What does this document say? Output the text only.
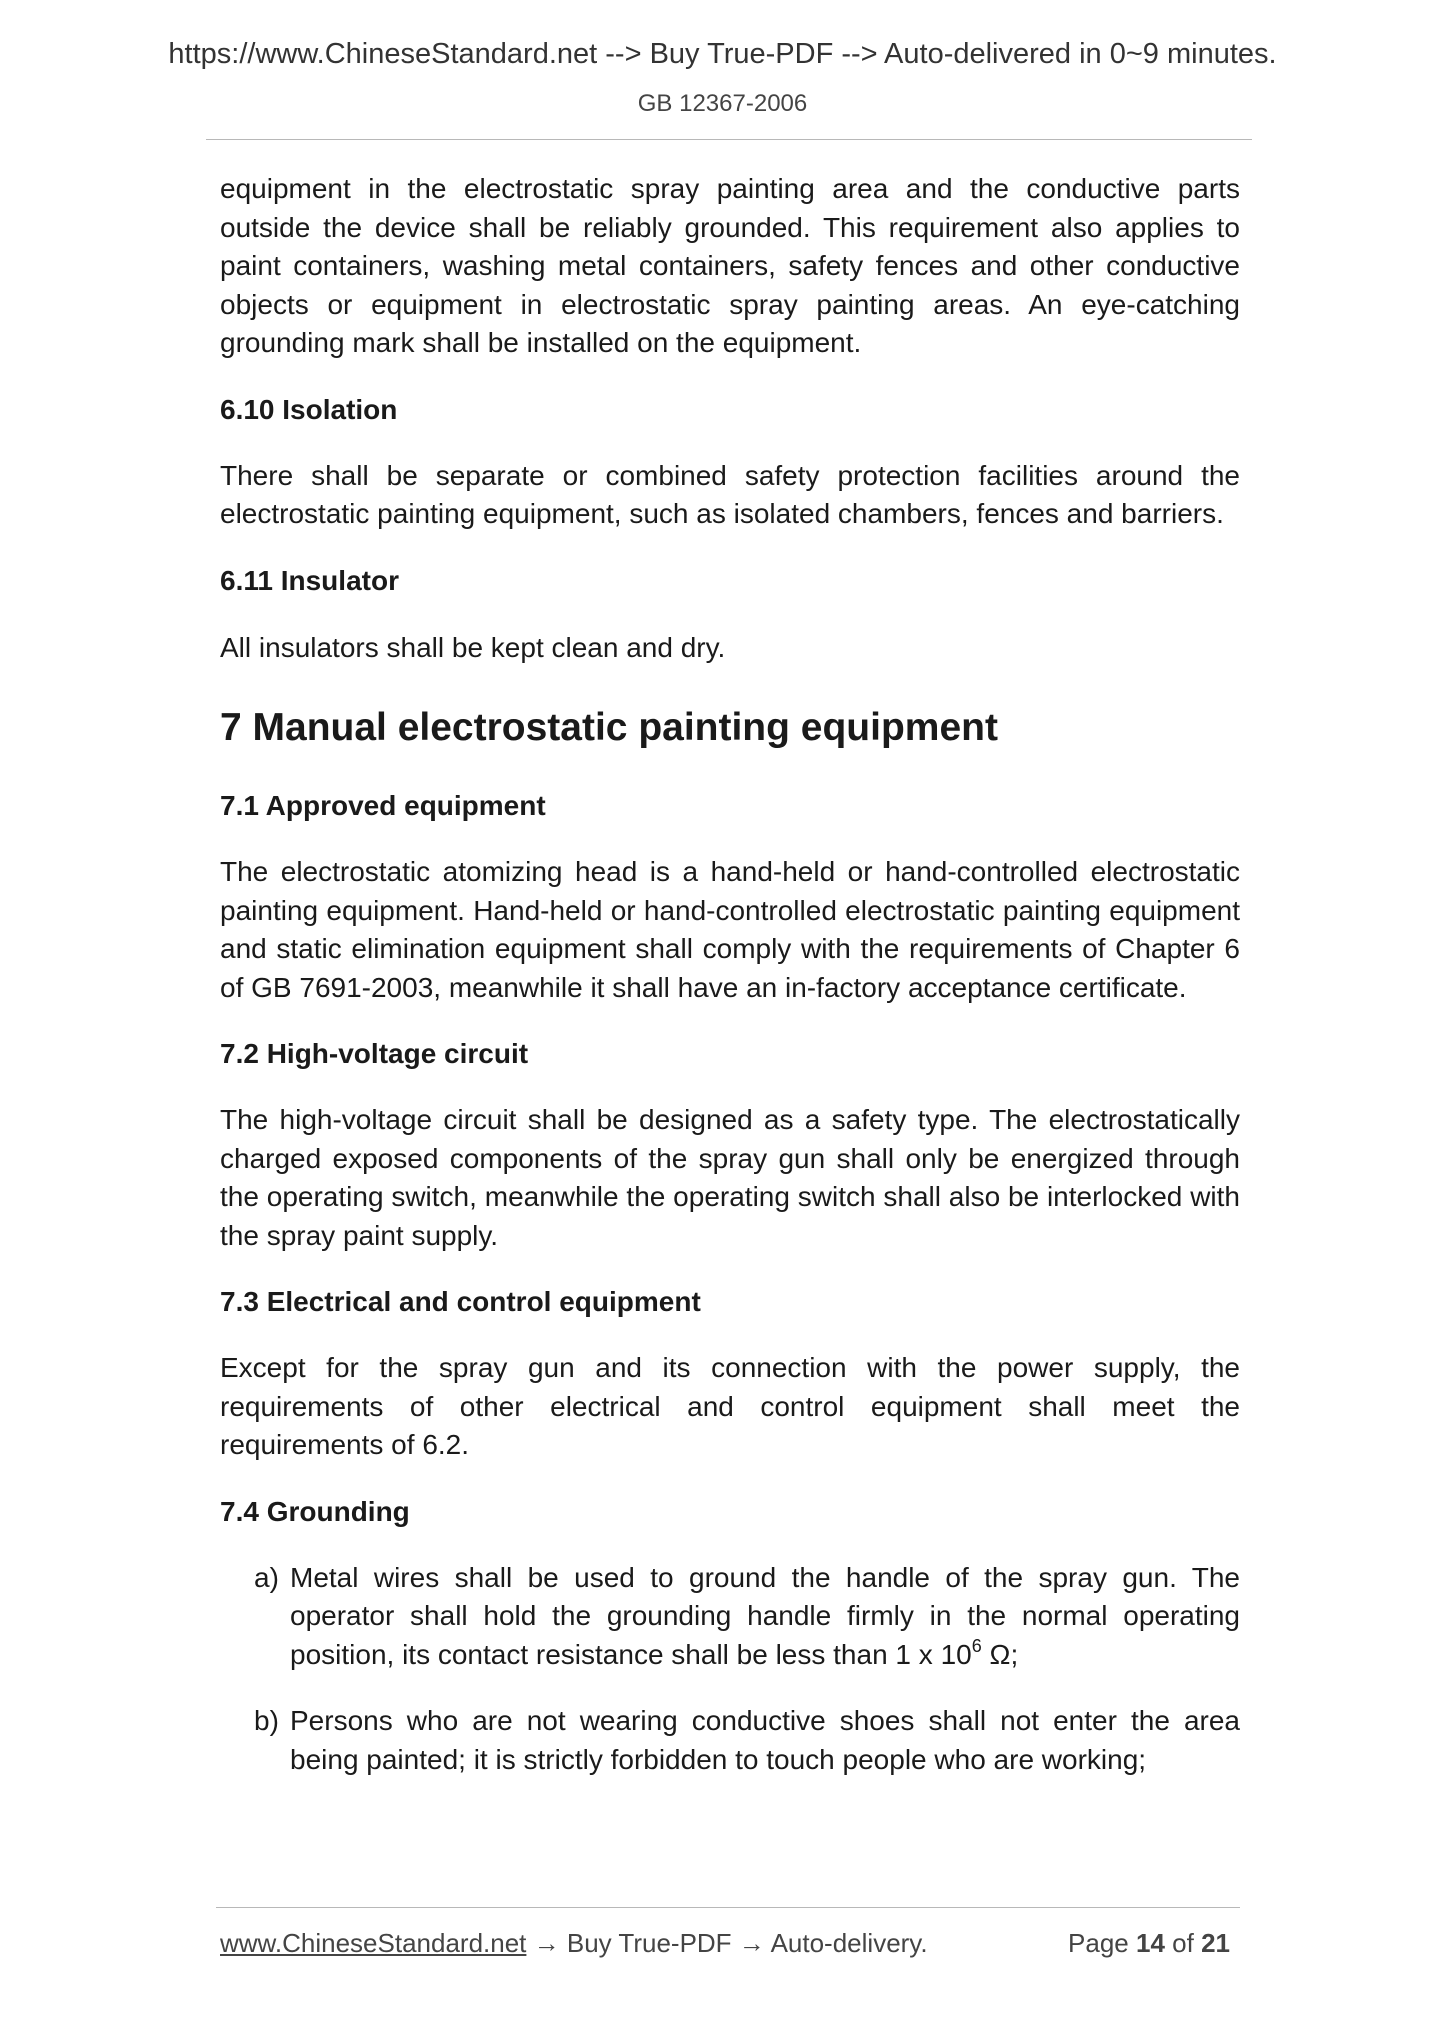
https://www.ChineseStandard.net --> Buy True-PDF --> Auto-delivered in 0~9 minutes.
GB 12367-2006

equipment in the electrostatic spray painting area and the conductive parts outside the device shall be reliably grounded. This requirement also applies to paint containers, washing metal containers, safety fences and other conductive objects or equipment in electrostatic spray painting areas. An eye-catching grounding mark shall be installed on the equipment.

6.10 Isolation

There shall be separate or combined safety protection facilities around the electrostatic painting equipment, such as isolated chambers, fences and barriers.

6.11 Insulator

All insulators shall be kept clean and dry.

7 Manual electrostatic painting equipment
7.1 Approved equipment

The electrostatic atomizing head is a hand-held or hand-controlled electrostatic painting equipment. Hand-held or hand-controlled electrostatic painting equipment and static elimination equipment shall comply with the requirements of Chapter 6 of GB 7691-2003, meanwhile it shall have an in-factory acceptance certificate.

7.2 High-voltage circuit

The high-voltage circuit shall be designed as a safety type. The electrostatically charged exposed components of the spray gun shall only be energized through the operating switch, meanwhile the operating switch shall also be interlocked with the spray paint supply.

7.3 Electrical and control equipment

Except for the spray gun and its connection with the power supply, the requirements of other electrical and control equipment shall meet the requirements of 6.2.

7.4 Grounding
a) Metal wires shall be used to ground the handle of the spray gun. The operator shall hold the grounding handle firmly in the normal operating position, its contact resistance shall be less than 1 x $10^6$ Ω;
b) Persons who are not wearing conductive shoes shall not enter the area being painted; it is strictly forbidden to touch people who are working;
www.ChineseStandard.net → Buy True-PDF → Auto-delivery.	Page 14 of 21
